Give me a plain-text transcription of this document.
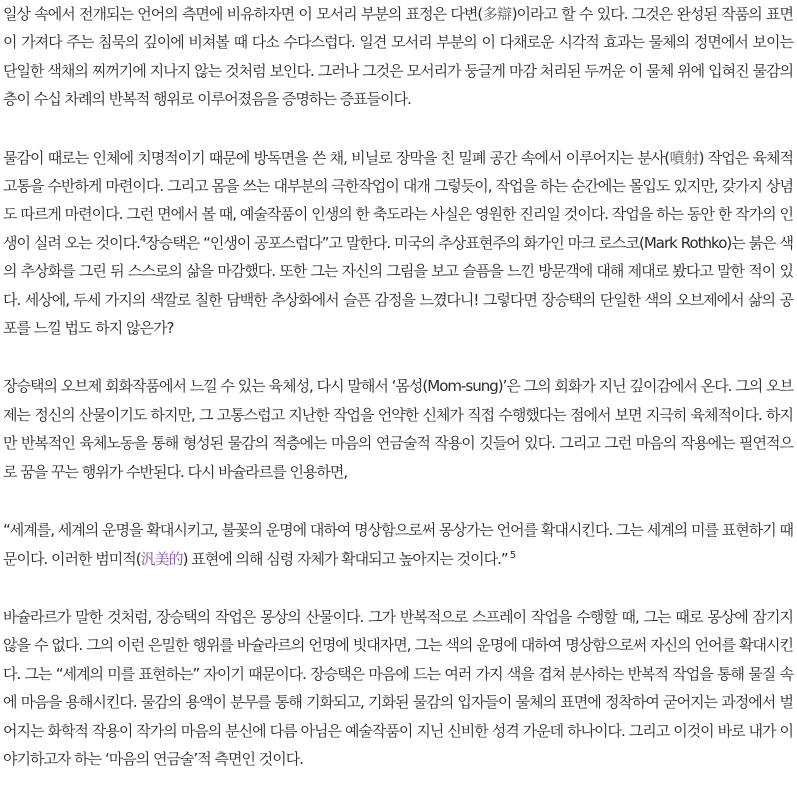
일상 속에서 전개되는 언어의 측면에 비유하자면 이 모서리 부분의 표정은 다변(多辯)이라고 할 수 있다. 그것은 완성된 작품의 표면이 가져다 주는 침묵의 깊이에 비쳐볼 때 다소 수다스럽다. 일견 모서리 부분의 이 다채로운 시각적 효과는 물체의 정면에서 보이는 단일한 색채의 찌꺼기에 지나지 않는 것처럼 보인다. 그러나 그것은 모서리가 둥글게 마감 처리된 두꺼운 이 물체 위에 입혀진 물감의 층이 수십 차례의 반복적 행위로 이루어졌음을 증명하는 증표들이다.

물감이 때로는 인체에 치명적이기 때문에 방독면을 쓴 채, 비닐로 장막을 친 밀폐 공간 속에서 이루어지는 분사(噴射) 작업은 육체적 고통을 수반하게 마련이다. 그리고 몸을 쓰는 대부분의 극한작업이 대개 그렇듯이, 작업을 하는 순간에는 몰입도 있지만, 갖가지 상념도 따르게 마련이다. 그런 면에서 볼 때, 예술작품이 인생의 한 축도라는 사실은 영원한 진리일 것이다. 작업을 하는 동안 한 작가의 인생이 실려 오는 것이다.$^4$장승택은 “인생이 공포스럽다”고 말한다. 미국의 추상표현주의 화가인 마크 로스코(Mark Rothko)는 붉은 색의 추상화를 그린 뒤 스스로의 삶을 마감했다. 또한 그는 자신의 그림을 보고 슬픔을 느낀 방문객에 대해 제대로 봤다고 말한 적이 있다. 세상에, 두세 가지의 색깔로 칠한 담백한 추상화에서 슬픈 감정을 느꼈다니! 그렇다면 장승택의 단일한 색의 오브제에서 삶의 공포를 느낄 법도 하지 않은가?

장승택의 오브제 회화작품에서 느낄 수 있는 육체성, 다시 말해서 ‘몸성(Mom-sung)’은 그의 회화가 지닌 깊이감에서 온다. 그의 오브제는 정신의 산물이기도 하지만, 그 고통스럽고 지난한 작업을 언약한 신체가 직접 수행했다는 점에서 보면 지극히 육체적이다. 하지만 반복적인 육체노동을 통해 형성된 물감의 적층에는 마음의 연금술적 작용이 깃들어 있다. 그리고 그런 마음의 작용에는 필연적으로 꿈을 꾸는 행위가 수반된다. 다시 바슐라르를 인용하면,

“세계를, 세계의 운명을 확대시키고, 불꽃의 운명에 대하여 명상함으로써 몽상가는 언어를 확대시킨다. 그는 세계의 미를 표현하기 때문이다. 이러한 범미적(汎美的) 표현에 의해 심령 자체가 확대되고 높아지는 것이다.” $^5$

바슐라르가 말한 것처럼, 장승택의 작업은 몽상의 산물이다. 그가 반복적으로 스프레이 작업을 수행할 때, 그는 때로 몽상에 잠기지 않을 수 없다. 그의 이런 은밀한 행위를 바슐라르의 언명에 빗대자면, 그는 색의 운명에 대하여 명상함으로써 자신의 언어를 확대시킨다. 그는 “세계의 미를 표현하는” 자이기 때문이다. 장승택은 마음에 드는 여러 가지 색을 겹쳐 분사하는 반복적 작업을 통해 물질 속에 마음을 용해시킨다. 물감의 용액이 분무를 통해 기화되고, 기화된 물감의 입자들이 물체의 표면에 정착하여 굳어지는 과정에서 벌어지는 화학적 작용이 작가의 마음의 분신에 다름 아님은 예술작품이 지닌 신비한 성격 가운데 하나이다. 그리고 이것이 바로 내가 이야기하고자 하는 ‘마음의 연금술’적 측면인 것이다.
